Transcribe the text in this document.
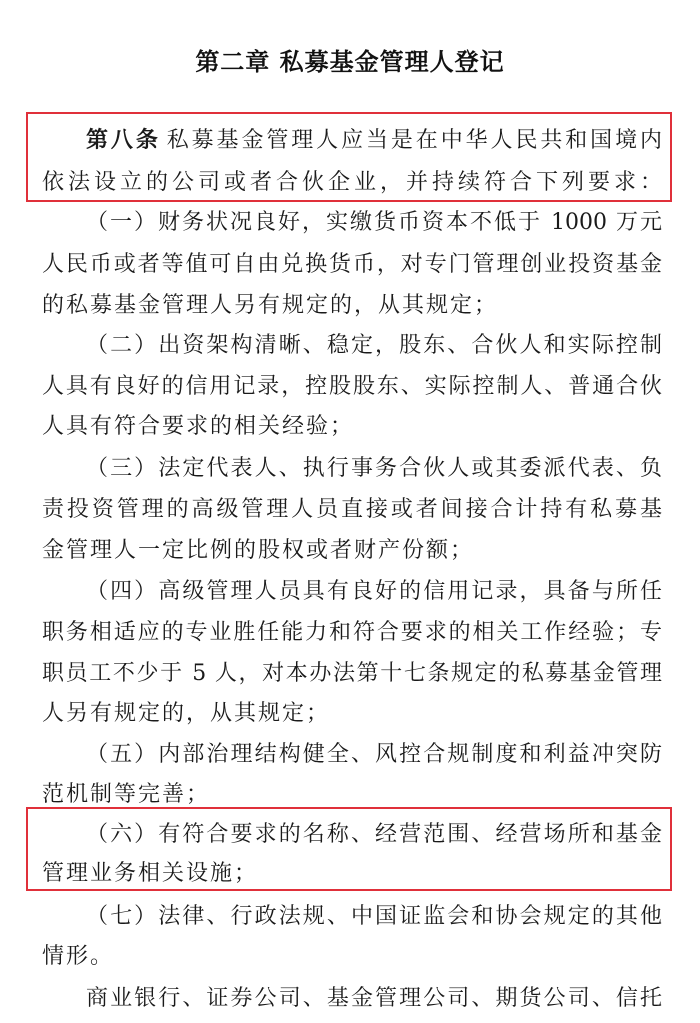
第二章 私募基金管理人登记
第八条 私募基金管理人应当是在中华人民共和国境内
依法设立的公司或者合伙企业，并持续符合下列要求：
（一）财务状况良好，实缴货币资本不低于 1000 万元
人民币或者等值可自由兑换货币，对专门管理创业投资基金
的私募基金管理人另有规定的，从其规定；
（二）出资架构清晰、稳定，股东、合伙人和实际控制
人具有良好的信用记录，控股股东、实际控制人、普通合伙
人具有符合要求的相关经验；
（三）法定代表人、执行事务合伙人或其委派代表、负
责投资管理的高级管理人员直接或者间接合计持有私募基
金管理人一定比例的股权或者财产份额；
（四）高级管理人员具有良好的信用记录，具备与所任
职务相适应的专业胜任能力和符合要求的相关工作经验；专
职员工不少于 5 人，对本办法第十七条规定的私募基金管理
人另有规定的，从其规定；
（五）内部治理结构健全、风控合规制度和利益冲突防
范机制等完善；
（六）有符合要求的名称、经营范围、经营场所和基金
管理业务相关设施；
（七）法律、行政法规、中国证监会和协会规定的其他
情形。
商业银行、证券公司、基金管理公司、期货公司、信托
